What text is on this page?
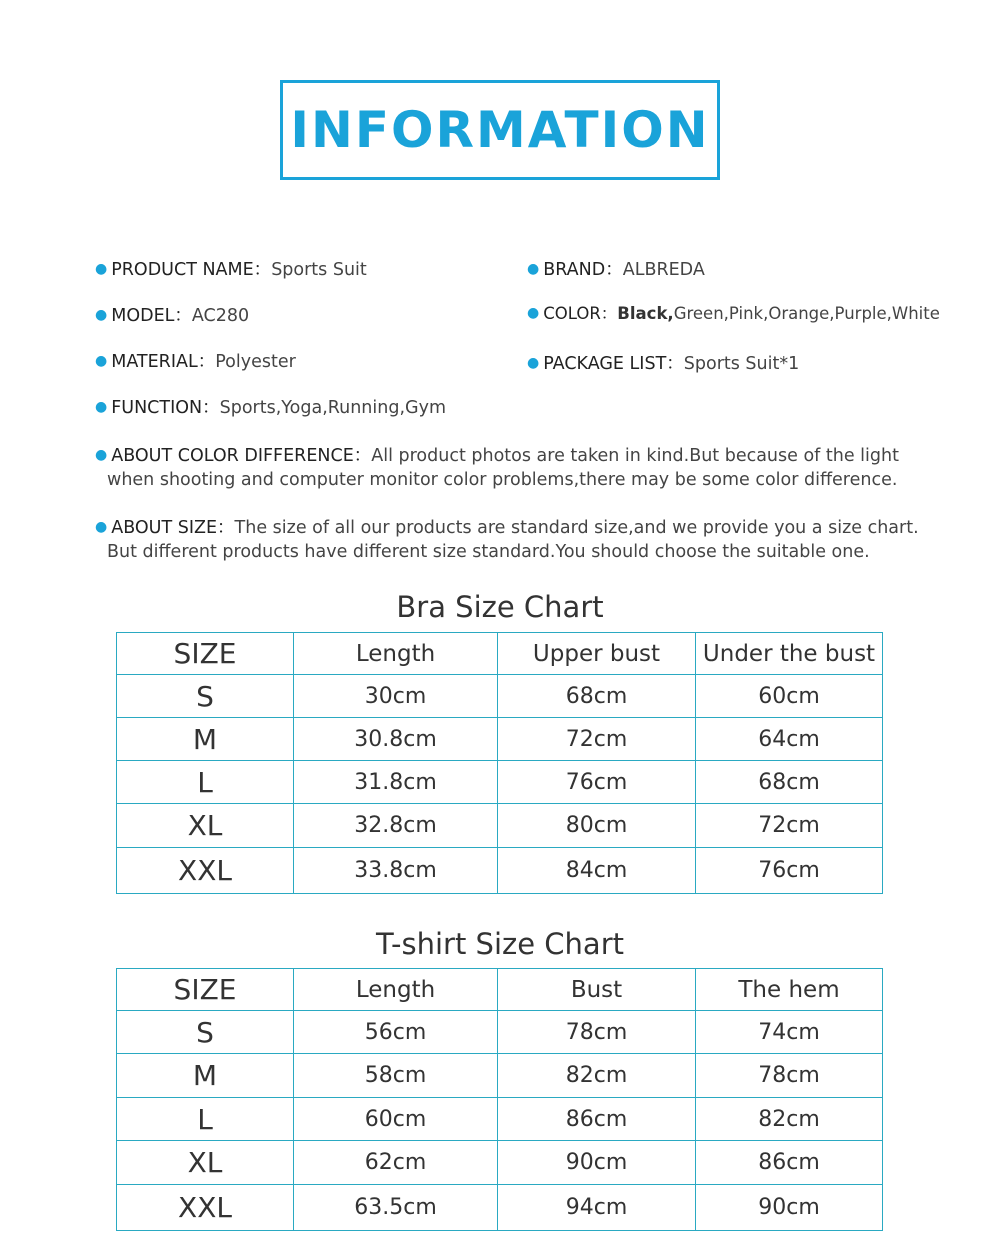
INFORMATION
● PRODUCT NAME：Sports Suit	● BRAND：ALBREDA
● MODEL：AC280	● COLOR：Black,Green,Pink,Orange,Purple,White
● MATERIAL：Polyester	● PACKAGE LIST：Sports Suit*1
● FUNCTION：Sports,Yoga,Running,Gym
● ABOUT COLOR DIFFERENCE：All product photos are taken in kind.But because of the light
when shooting and computer monitor color problems,there may be some color difference.
● ABOUT SIZE：The size of all our products are standard size,and we provide you a size chart.
But different products have different size standard.You should choose the suitable one.
Bra Size Chart
SIZE	Length	Upper bust	Under the bust
S	30cm	68cm	60cm
M	30.8cm	72cm	64cm
L	31.8cm	76cm	68cm
XL	32.8cm	80cm	72cm
XXL	33.8cm	84cm	76cm
T-shirt Size Chart
SIZE	Length	Bust	The hem
S	56cm	78cm	74cm
M	58cm	82cm	78cm
L	60cm	86cm	82cm
XL	62cm	90cm	86cm
XXL	63.5cm	94cm	90cm
